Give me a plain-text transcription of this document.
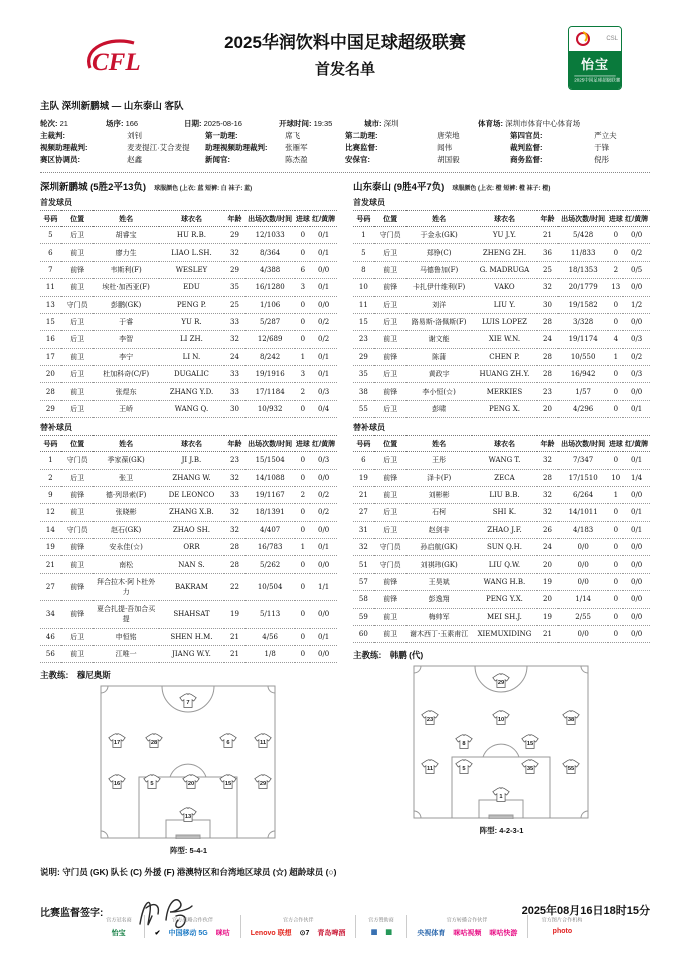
CFL
2025华润饮料中国足球超级联赛
首发名单
CSL
怡宝
2025中国足球超级联赛
主队 深圳新鹏城 — 山东泰山 客队
轮次: 21	场序: 166	日期: 2025-08-16	开球时间: 19:35	城市: 深圳	体育场: 深圳市体育中心体育场
主裁判:	刘钊	第一助理:	席飞	第二助理:	唐荣地	第四官员:	严立夫
视频助理裁判:	麦麦提江·艾合麦提 助理视频助理裁判: 张雁军	比赛监督:	闻伟	裁判监督:	于锋
赛区协调员:	赵鑫	新闻官:	陈杰盈	安保官:	胡国毅	商务监督:	倪彤
深圳新鹏城 (5胜2平13负) 球服颜色 (上衣: 蓝 短裤: 白 袜子: 蓝)
首发球员
号码	位置	姓名	球衣名	年龄	出场次数/时间	进球	红/黄牌
5	后卫	胡睿宝	HU R.B.	29	12/1033	0	0/1
6	前卫	廖力生	LIAO L.SH.	32	8/364	0	0/1
7	前锋	韦斯利(F)	WESLEY	29	4/388	6	0/0
11	前卫	埃杜·加西亚(F)	EDU	35	16/1280	3	0/1
13	守门员	彭鹏(GK)	PENG P.	25	1/106	0	0/0
15	后卫	于睿	YU R.	33	5/287	0	0/2
16	后卫	李智	LI ZH.	32	12/689	0	0/2
17	前卫	李宁	LI N.	24	8/242	1	0/1
20	后卫	杜加科奇(C/F)	DUGALIC	33	19/1916	3	0/1
28	前卫	张煜东	ZHANG Y.D.	33	17/1184	2	0/3
29	后卫	王峤	WANG Q.	30	10/932	0	0/4
替补球员
号码	位置	姓名	球衣名	年龄	出场次数/时间	进球	红/黄牌
1	守门员	季家葆(GK)	JI J.B.	23	15/1504	0	0/3
2	后卫	张卫	ZHANG W.	32	14/1088	0	0/0
9	前锋	德·列昂索(F)	DE LEONCO	33	19/1167	2	0/2
12	前卫	张晓彬	ZHANG X.B.	32	18/1391	0	0/2
14	守门员	赵石(GK)	ZHAO SH.	32	4/407	0	0/0
19	前锋	安永佳(☆)	ORR	28	16/783	1	0/1
21	前卫	南松	NAN S.	28	5/262	0	0/0
27	前锋	拜合拉木·阿卜杜外力	BAKRAM	22	10/504	0	1/1
34	前锋	夏合扎提·吾加合买提	SHAHSAT	19	5/113	0	0/0
46	后卫	申恒铭	SHEN H.M.	21	4/56	0	0/1
56	前卫	江唯一	JIANG W.Y.	21	1/8	0	0/0
主教练: 穆尼奥斯
7
17	28	6	11
16	5	20	15	29
13
阵型: 5-4-1
山东泰山 (9胜4平7负) 球服颜色 (上衣: 橙 短裤: 橙 袜子: 橙)
首发球员
号码	位置	姓名	球衣名	年龄	出场次数/时间	进球	红/黄牌
1	守门员	于金永(GK)	YU J.Y.	21	5/428	0	0/0
5	后卫	郑铮(C)	ZHENG ZH.	36	11/833	0	0/2
8	前卫	马德鲁加(F)	G. MADRUGA	25	18/1353	2	0/5
10	前锋	卡扎伊什维利(F)	VAKO	32	20/1779	13	0/0
11	后卫	刘洋	LIU Y.	30	19/1582	0	1/2
15	后卫	路易斯-洛佩斯(F)	LUIS LOPEZ	28	3/328	0	0/0
23	前卫	谢文能	XIE W.N.	24	19/1174	4	0/3
29	前锋	陈蒲	CHEN P.	28	10/550	1	0/2
35	后卫	黄政宇	HUANG ZH.Y.	28	16/942	0	0/3
38	前锋	李小恒(☆)	MERKIES	23	1/57	0	0/0
55	后卫	彭啸	PENG X.	20	4/296	0	0/1
替补球员
号码	位置	姓名	球衣名	年龄	出场次数/时间	进球	红/黄牌
6	后卫	王彤	WANG T.	32	7/347	0	0/1
19	前锋	泽卡(F)	ZECA	28	17/1510	10	1/4
21	前卫	刘彬彬	LIU B.B.	32	6/264	1	0/0
27	后卫	石柯	SHI K.	32	14/1011	0	0/1
31	后卫	赵剑非	ZHAO J.F.	26	4/183	0	0/1
32	守门员	孙启航(GK)	SUN Q.H.	24	0/0	0	0/0
51	守门员	刘祺玮(GK)	LIU Q.W.	20	0/0	0	0/0
57	前锋	王昊斌	WANG H.B.	19	0/0	0	0/0
58	前锋	彭逸翔	PENG Y.X.	20	1/14	0	0/0
59	前卫	梅帅军	MEI SH.J.	19	2/55	0	0/0
60	前卫	谢木西丁·玉素甫江	XIEMUXIDING	21	0/0	0	0/0
主教练: 韩鹏 (代)
29
23	10	38
8	15
11	5	35	55
1
阵型: 4-2-3-1
说明: 守门员 (GK) 队长 (C) 外援 (F) 港澳特区和台湾地区球员 (☆) 超龄球员 (○)
比赛监督签字:	2025年08月16日18时15分
官方冠名商
怡宝
官方战略合作伙伴
✔ 中国移动 5G 咪咕
官方合作伙伴
Lenovo 联想 ⊙7 青岛啤酒
官方赞助商
▦ ▦
官方转播合作伙伴
央视体育 咪咕视频 咪咕快游
官方图片合作机构
photo
